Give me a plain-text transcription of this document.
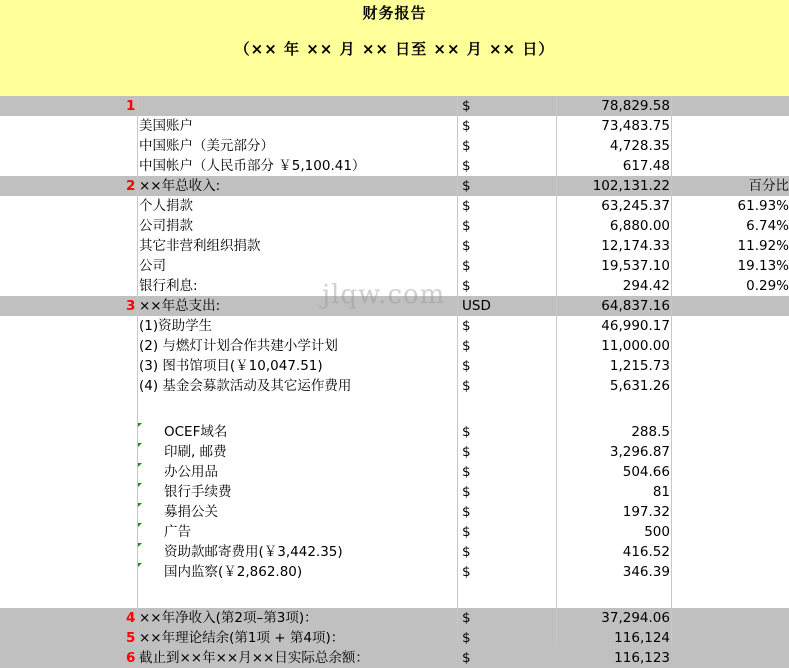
财务报告
（×× 年 ×× 月 ×× 日至 ×× 月 ×× 日）
1	$	78,829.58
美国账户	$	73,483.75
中国账户（美元部分）	$	4,728.35
中国帐户（人民币部分 ￥5,100.41）	$	617.48
2 ××年总收入:	$	102,131.22	百分比
个人捐款	$	63,245.37	61.93%
公司捐款	$	6,880.00	6.74%
其它非营利组织捐款	$	12,174.33	11.92%
公司	$	19,537.10	19.13%
银行利息:	$	294.42	0.29%
3 ××年总支出:	USD	64,837.16
(1)资助学生	$	46,990.17
(2) 与燃灯计划合作共建小学计划	$	11,000.00
(3) 图书馆项目(￥10,047.51)	$	1,215.73
(4) 基金会募款活动及其它运作费用	$	5,631.26
OCEF域名	$	288.5
印刷, 邮费	$	3,296.87
办公用品	$	504.66
银行手续费	$	81
募捐公关	$	197.32
广告	$	500
资助款邮寄费用(￥3,442.35)	$	416.52
国内监察(￥2,862.80)	$	346.39
4 ××年净收入(第2项–第3项)：	$	37,294.06
5 ××年理论结余(第1项 + 第4项)：	$	116,124
6 截止到××年××月××日实际总余额：	$	116,123
jlqw.com
